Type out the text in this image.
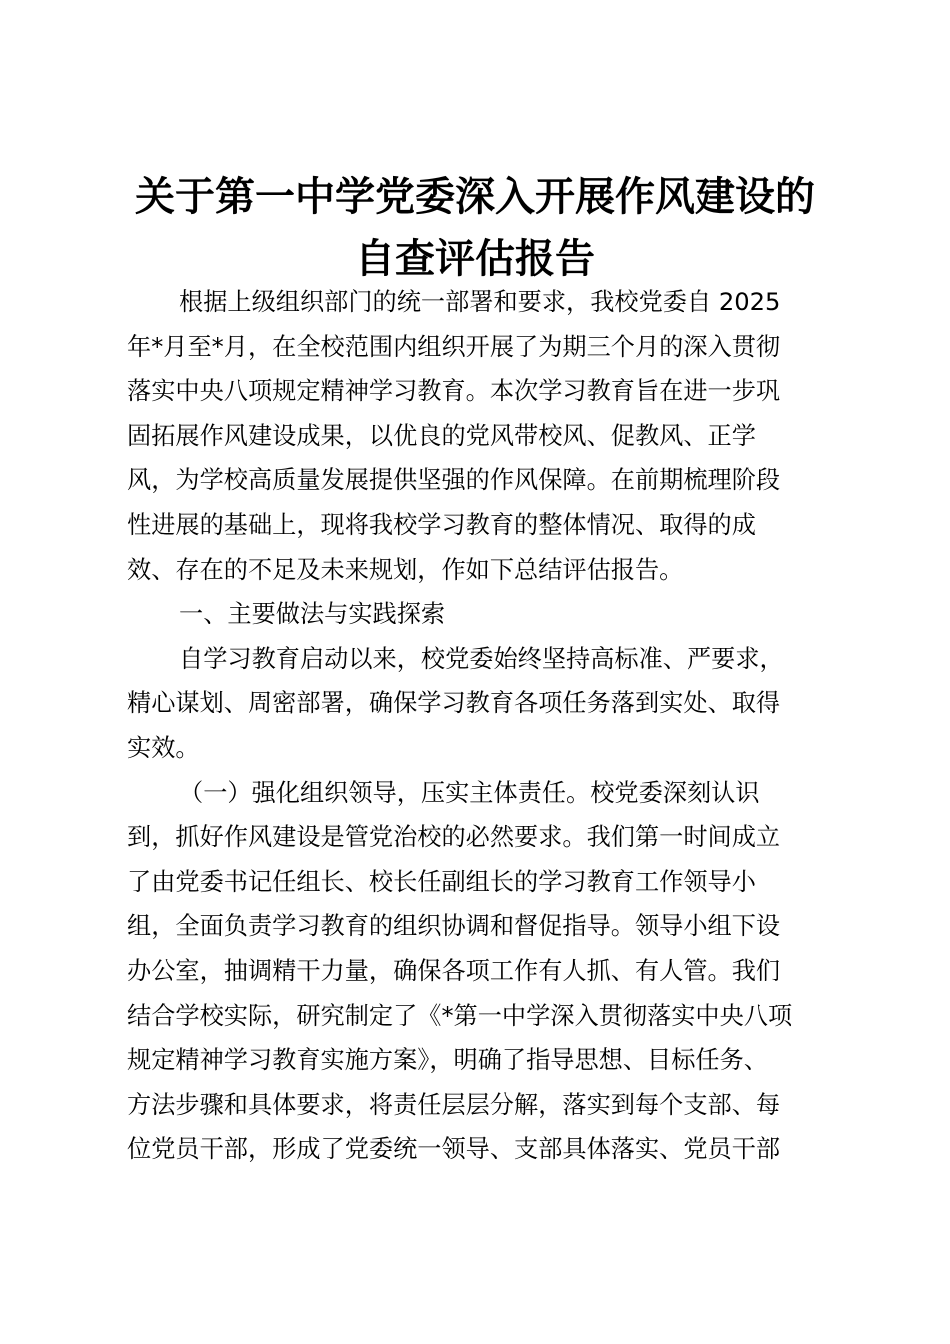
关于第一中学党委深入开展作风建设的
自查评估报告
根据上级组织部门的统一部署和要求，我校党委自 2025
年*月至*月，在全校范围内组织开展了为期三个月的深入贯彻
落实中央八项规定精神学习教育。本次学习教育旨在进一步巩
固拓展作风建设成果，以优良的党风带校风、促教风、正学
风，为学校高质量发展提供坚强的作风保障。在前期梳理阶段
性进展的基础上，现将我校学习教育的整体情况、取得的成
效、存在的不足及未来规划，作如下总结评估报告。
一、主要做法与实践探索
自学习教育启动以来，校党委始终坚持高标准、严要求，
精心谋划、周密部署，确保学习教育各项任务落到实处、取得
实效。
（一）强化组织领导，压实主体责任。校党委深刻认识
到，抓好作风建设是管党治校的必然要求。我们第一时间成立
了由党委书记任组长、校长任副组长的学习教育工作领导小
组，全面负责学习教育的组织协调和督促指导。领导小组下设
办公室，抽调精干力量，确保各项工作有人抓、有人管。我们
结合学校实际，研究制定了《*第一中学深入贯彻落实中央八项
规定精神学习教育实施方案》，明确了指导思想、目标任务、
方法步骤和具体要求，将责任层层分解，落实到每个支部、每
位党员干部，形成了党委统一领导、支部具体落实、党员干部
